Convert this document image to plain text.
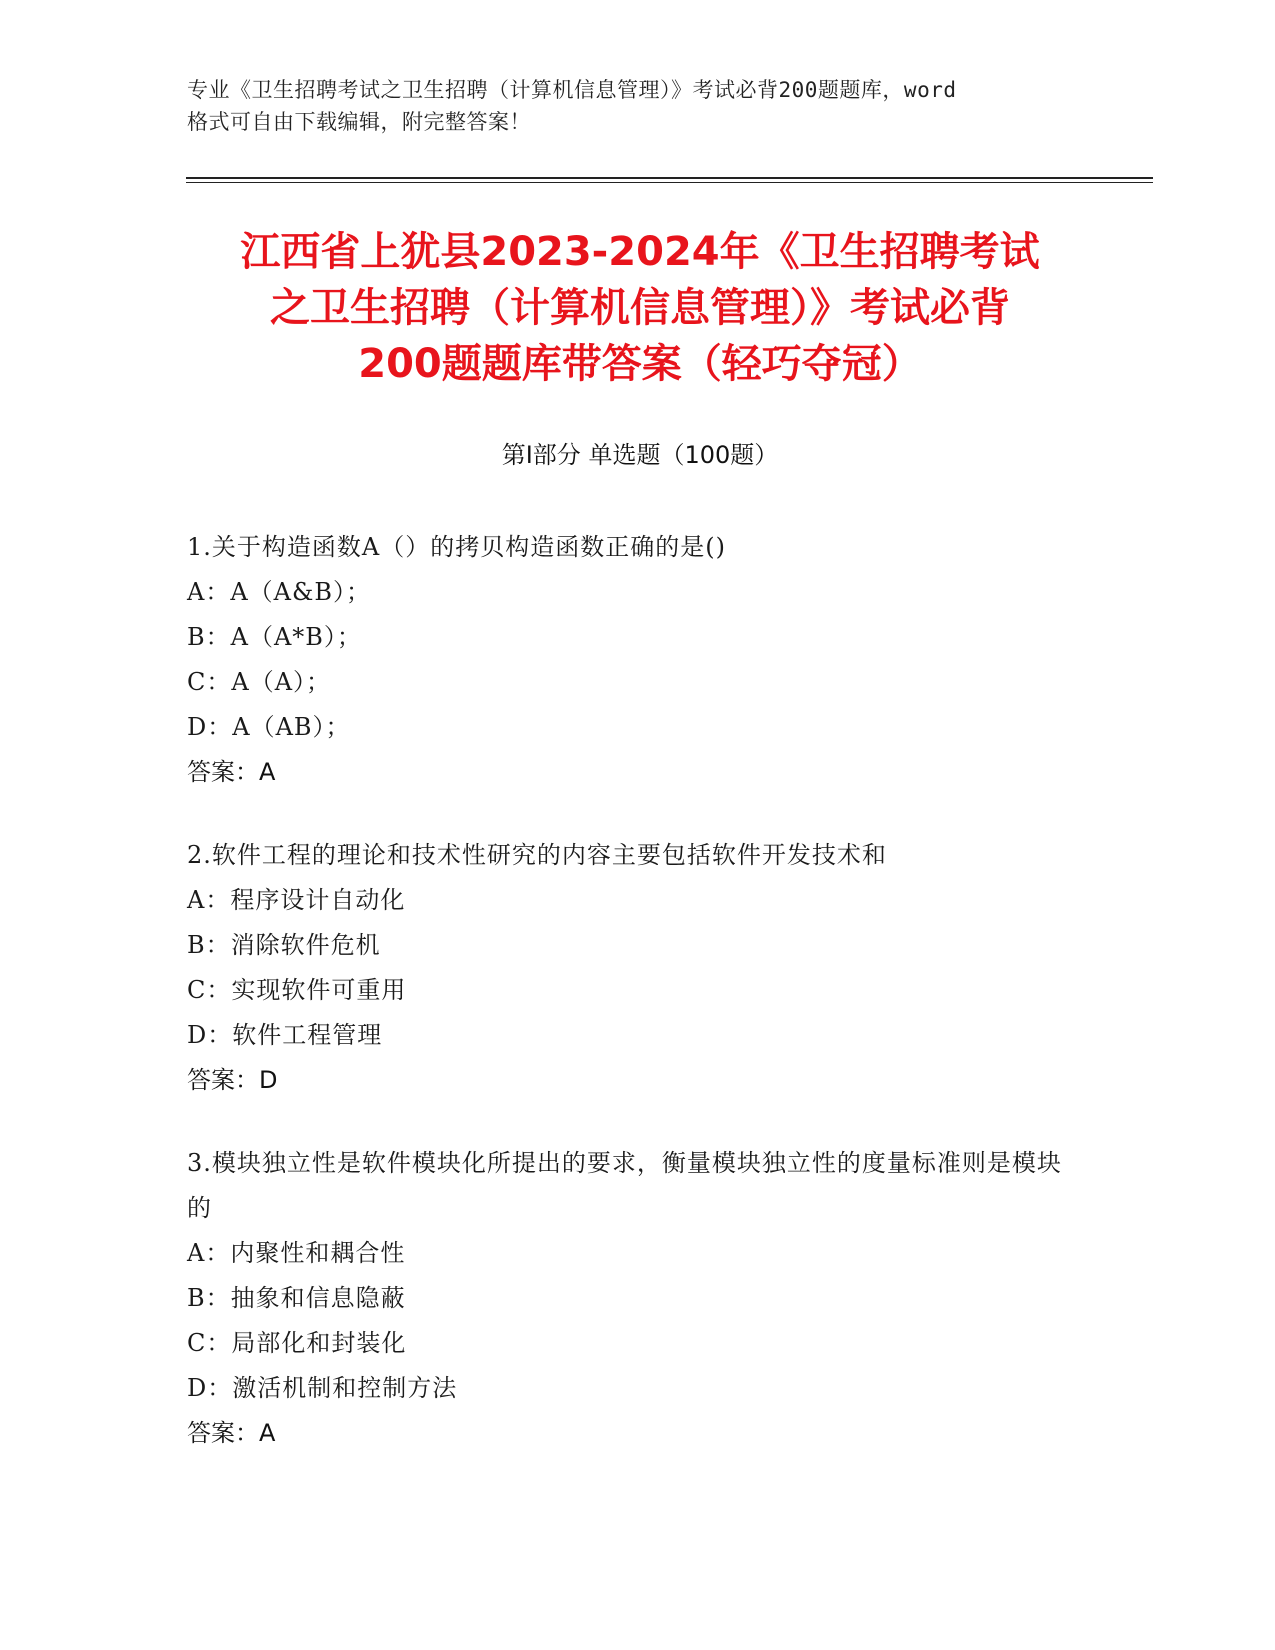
专业《卫生招聘考试之卫生招聘（计算机信息管理）》考试必背200题题库，word
格式可自由下载编辑，附完整答案！
江西省上犹县2023-2024年《卫生招聘考试
之卫生招聘（计算机信息管理）》考试必背
200题题库带答案（轻巧夺冠）
第Ⅰ部分 单选题（100题）
1.关于构造函数A（）的拷贝构造函数正确的是()
A：A（A&B）；
B：A（A*B）；
C：A（A）；
D：A（AB）；
答案：A
2.软件工程的理论和技术性研究的内容主要包括软件开发技术和
A：程序设计自动化
B：消除软件危机
C：实现软件可重用
D：软件工程管理
答案：D
3.模块独立性是软件模块化所提出的要求，衡量模块独立性的度量标准则是模块的
A：内聚性和耦合性
B：抽象和信息隐蔽
C：局部化和封装化
D：激活机制和控制方法
答案：A
